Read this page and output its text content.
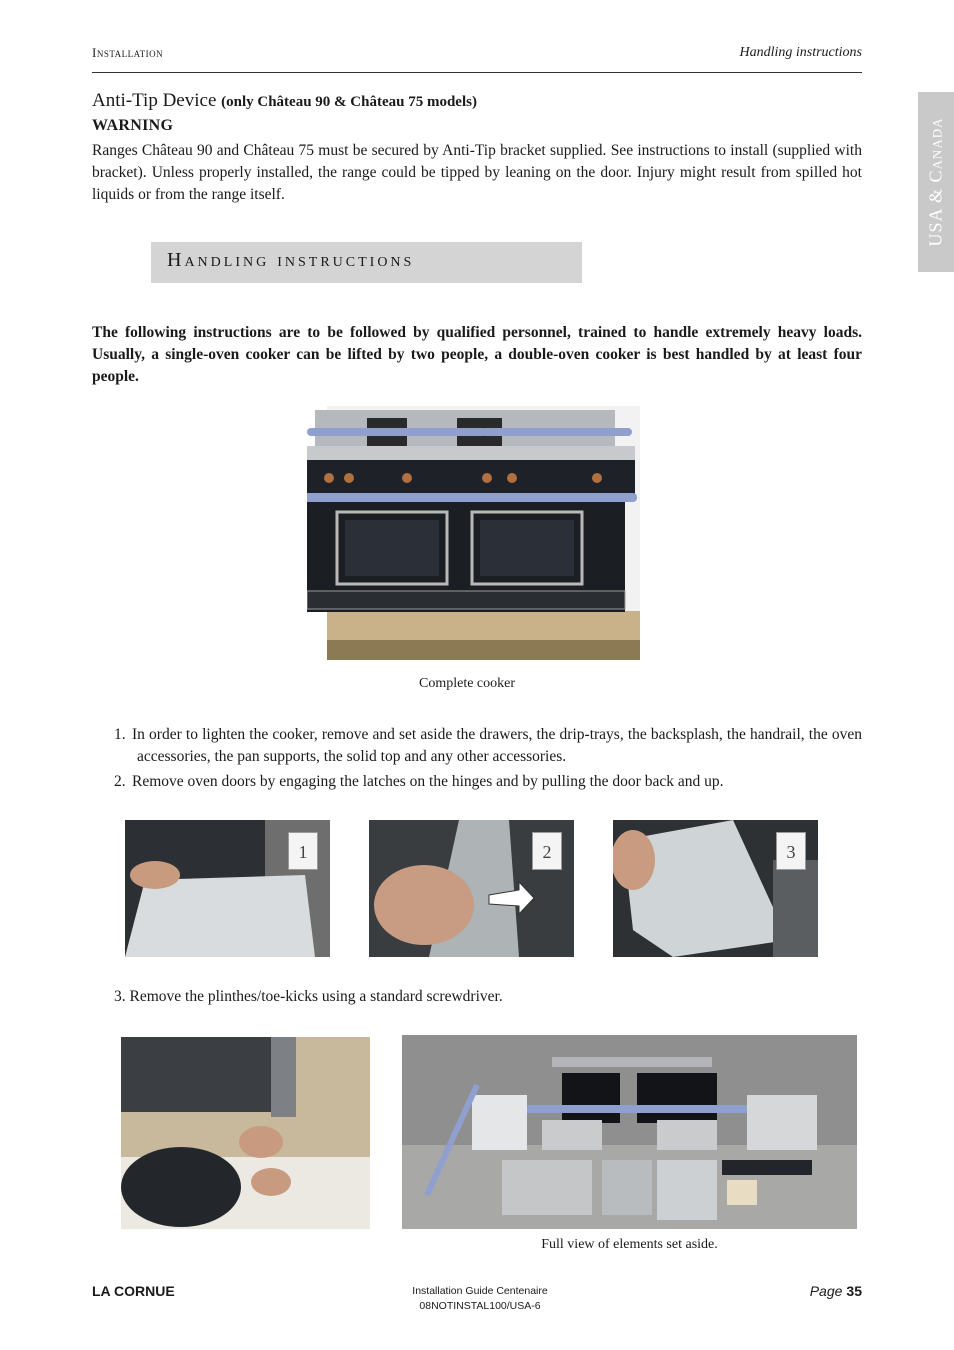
Installation	Handling instructions
USA & Canada
Anti-Tip Device (only Château 90 & Château 75 models)
WARNING
Ranges Château 90 and Château 75 must be secured by Anti-Tip bracket supplied. See instructions to install (supplied with bracket). Unless properly installed, the range could be tipped by leaning on the door. Injury might result from spilled hot liquids or from the range itself.
Handling instructions
The following instructions are to be followed by qualified personnel, trained to handle extremely heavy loads. Usually, a single-oven cooker can be lifted by two people, a double-oven cooker is best handled by at least four people.
Complete cooker
1. In order to lighten the cooker, remove and set aside the drawers, the drip-trays, the backsplash, the handrail, the oven accessories, the pan supports, the solid top and any other accessories.
2. Remove oven doors by engaging the latches on the hinges and by pulling the door back and up.
1	2	3
3. Remove the plinthes/toe-kicks using a standard screwdriver.
Full view of elements set aside.
LA CORNUE	Installation Guide Centenaire
08NOTINSTAL100/USA-6
Page 35
